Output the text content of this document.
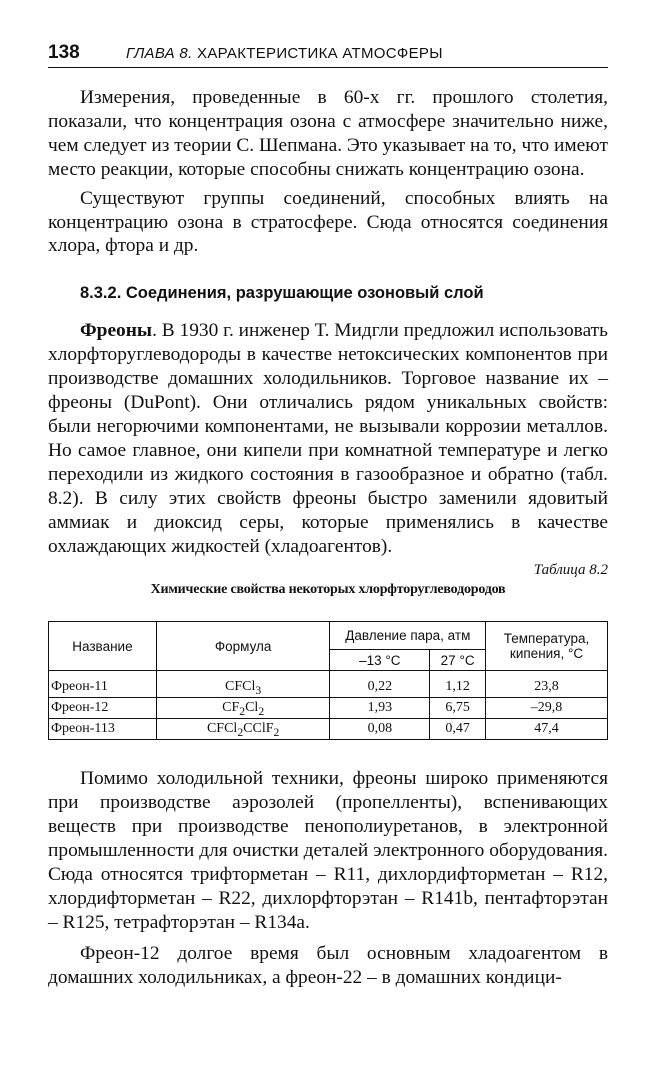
138	ГЛАВА 8. ХАРАКТЕРИСТИКА АТМОСФЕРЫ

Измерения, проведенные в 60-х гг. прошлого столетия, показали, что концентрация озона с атмосфере значительно ниже, чем следует из теории С. Шепмана. Это указывает на то, что имеют место реакции, которые способны снижать концентрацию озона.

Существуют группы соединений, способных влиять на концентрацию озона в стратосфере. Сюда относятся соединения хлора, фтора и др.

8.3.2. Соединения, разрушающие озоновый слой

Фреоны. В 1930 г. инженер Т. Мидгли предложил использовать хлорфторуглеводороды в качестве нетоксических компонентов при производстве домашних холодильников. Торговое название их – фреоны (DuPont). Они отличались рядом уникальных свойств: были негорючими компонентами, не вызывали коррозии металлов. Но самое главное, они кипели при комнатной температуре и легко переходили из жидкого состояния в газообразное и обратно (табл. 8.2). В силу этих свойств фреоны быстро заменили ядовитый аммиак и диоксид серы, которые применялись в качестве охлаждающих жидкостей (хладоагентов).

Таблица 8.2
Химические свойства некоторых хлорфторуглеводородов
Название	Формула	Давление пара, атм		Температура, кипения, °С
		–13 °С	27 °С	
Фреон-11	CFCl$_3$	0,22	1,12	23,8
Фреон-12	$CF_2Cl_2$	1,93	6,75	–29,8
Фреон-113	CFCl$_2$CClF$_2$	0,08	0,47	47,4

Помимо холодильной техники, фреоны широко применяются при производстве аэрозолей (пропелленты), вспенивающих веществ при производстве пенополиуретанов, в электронной промышленности для очистки деталей электронного оборудования. Сюда относятся трифторметан – R11, дихлордифторметан – R12, хлордифторметан – R22, дихлорфторэтан – R141b, пентафторэтан – R125, тетрафторэтан – R134a.

Фреон-12 долгое время был основным хладоагентом в домашних холодильниках, а фреон-22 – в домашних кондици-
